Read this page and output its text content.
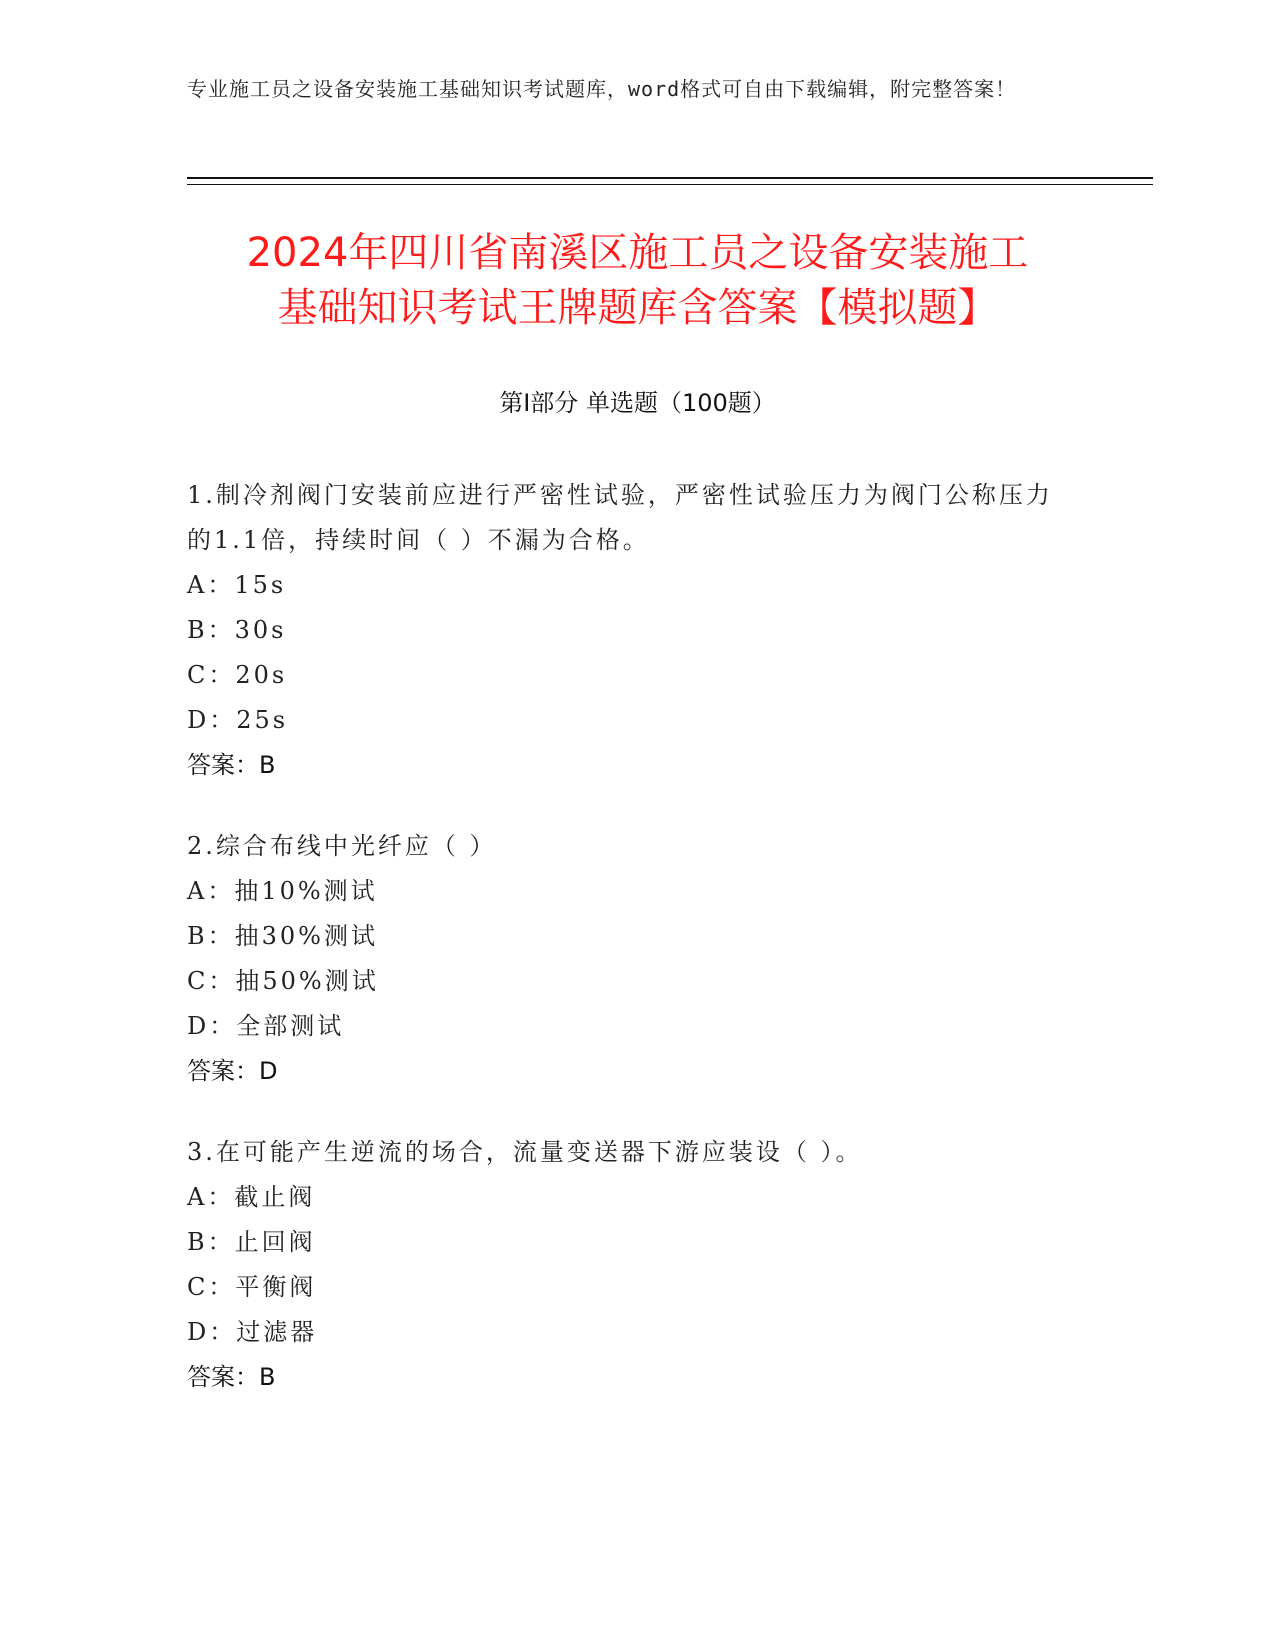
专业施工员之设备安装施工基础知识考试题库，word格式可自由下载编辑，附完整答案！
2024年四川省南溪区施工员之设备安装施工
基础知识考试王牌题库含答案【模拟题】
第Ⅰ部分 单选题（100题）

1.制冷剂阀门安装前应进行严密性试验，严密性试验压力为阀门公称压力的1.1倍，持续时间（ ）不漏为合格。

A：15s

B：30s

C：20s

D：25s

答案：B

2.综合布线中光纤应（ ）

A：抽10%测试

B：抽30%测试

C：抽50%测试

D：全部测试

答案：D

3.在可能产生逆流的场合，流量变送器下游应装设（ ）。

A：截止阀

B：止回阀

C：平衡阀

D：过滤器

答案：B
